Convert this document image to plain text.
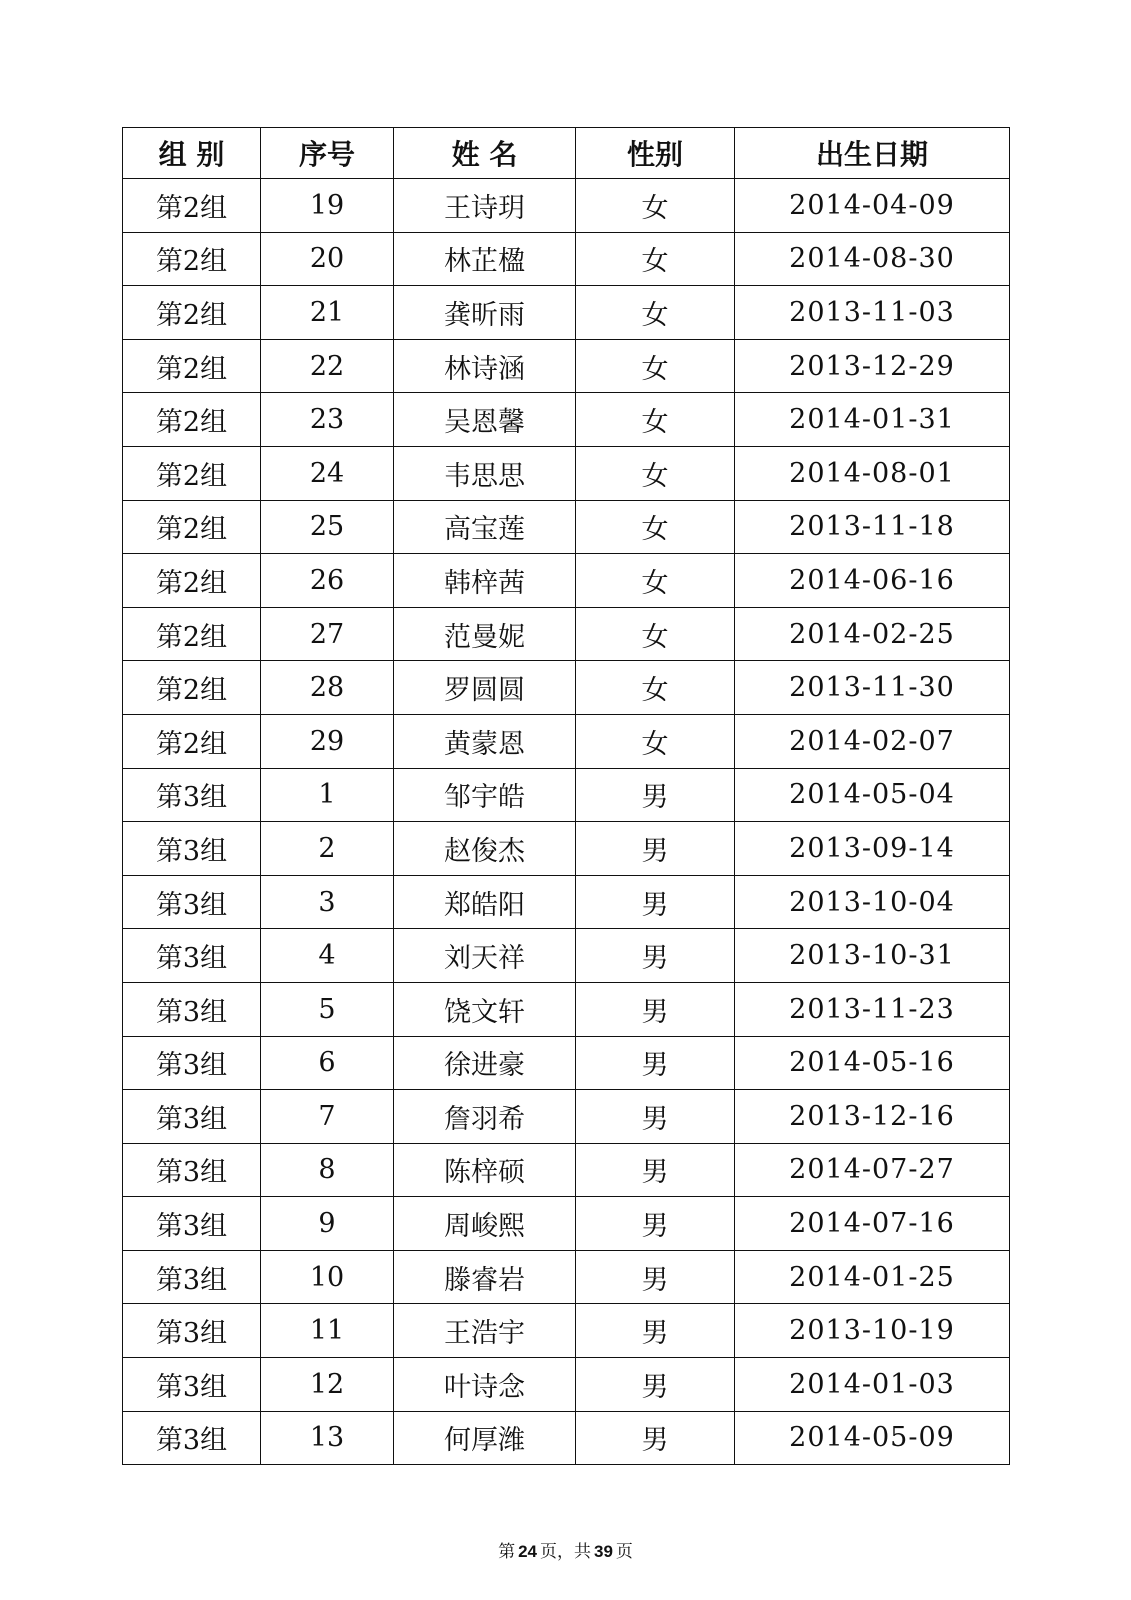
组 别	序号	姓 名	性别	出生日期
第2组	19	王诗玥	女	2014-04-09
第2组	20	林芷楹	女	2014-08-30
第2组	21	龚昕雨	女	2013-11-03
第2组	22	林诗涵	女	2013-12-29
第2组	23	吴恩馨	女	2014-01-31
第2组	24	韦思思	女	2014-08-01
第2组	25	高宝莲	女	2013-11-18
第2组	26	韩梓茜	女	2014-06-16
第2组	27	范曼妮	女	2014-02-25
第2组	28	罗圆圆	女	2013-11-30
第2组	29	黄蒙恩	女	2014-02-07
第3组	1	邹宇皓	男	2014-05-04
第3组	2	赵俊杰	男	2013-09-14
第3组	3	郑皓阳	男	2013-10-04
第3组	4	刘天祥	男	2013-10-31
第3组	5	饶文轩	男	2013-11-23
第3组	6	徐进豪	男	2014-05-16
第3组	7	詹羽希	男	2013-12-16
第3组	8	陈梓硕	男	2014-07-27
第3组	9	周峻熙	男	2014-07-16
第3组	10	滕睿岩	男	2014-01-25
第3组	11	王浩宇	男	2013-10-19
第3组	12	叶诗念	男	2014-01-03
第3组	13	何厚潍	男	2014-05-09
第 24 页，共 39 页
